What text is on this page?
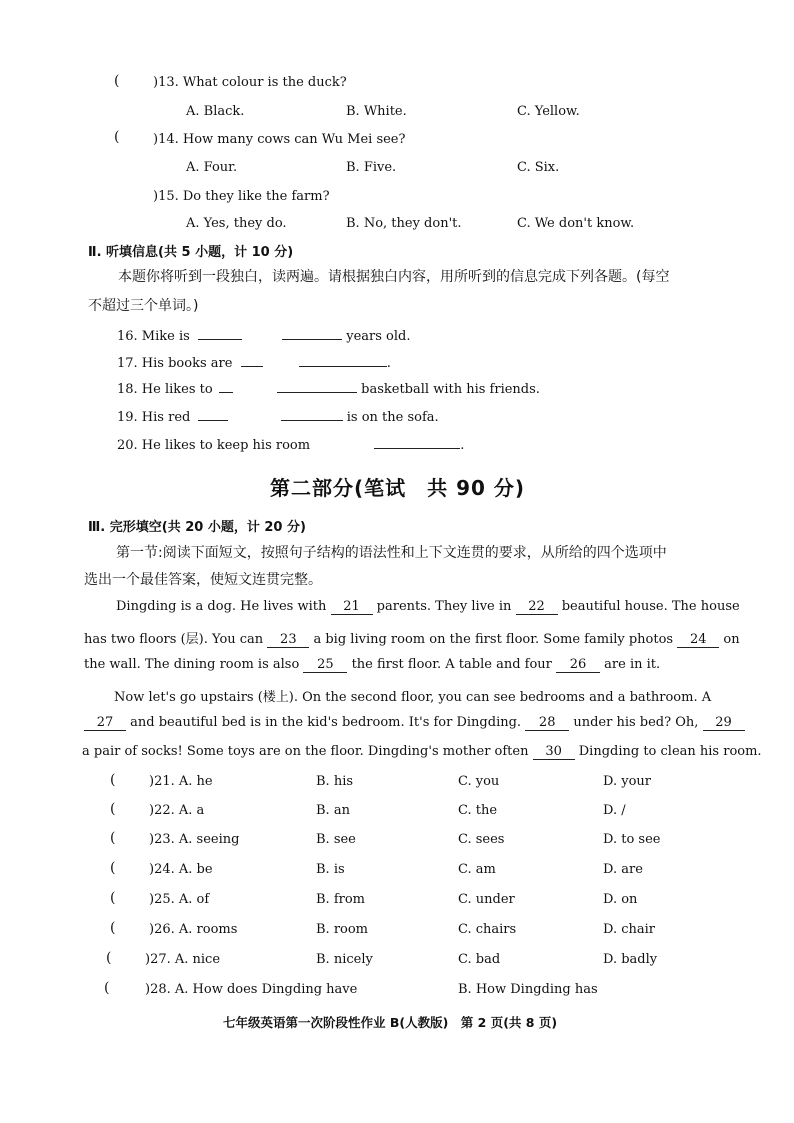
(	)13. What colour is the duck?
A. Black.	B. White.	C. Yellow.
(	)14. How many cows can Wu Mei see?
A. Four.	B. Five.	C. Six.
)15. Do they like the farm?
A. Yes, they do.	B. No, they don't.	C. We don't know.
Ⅱ. 听填信息(共 5 小题，计 10 分)
本题你将听到一段独白，读两遍。请根据独白内容，用所听到的信息完成下列各题。(每空
不超过三个单词。)
16. Mike is	years old.
17. His books are	.
18. He likes to	basketball with his friends.
19. His red	is on the sofa.
20. He likes to keep his room	.
第二部分(笔试　共 90 分)
Ⅲ. 完形填空(共 20 小题，计 20 分)
第一节:阅读下面短文，按照句子结构的语法性和上下文连贯的要求，从所给的四个选项中
选出一个最佳答案，使短文连贯完整。
Dingding is a dog. He lives with 21 parents. They live in 22 beautiful house. The house
has two floors (层). You can 23 a big living room on the first floor. Some family photos 24 on
the wall. The dining room is also 25 the first floor. A table and four 26 are in it.
Now let's go upstairs (楼上). On the second floor, you can see bedrooms and a bathroom. A
27 and beautiful bed is in the kid's bedroom. It's for Dingding. 28 under his bed? Oh, 29
a pair of socks! Some toys are on the floor. Dingding's mother often 30 Dingding to clean his room.
(	)21. A. he	B. his	C. you	D. your
(	)22. A. a	B. an	C. the	D. /
(	)23. A. seeing	B. see	C. sees	D. to see
(	)24. A. be	B. is	C. am	D. are
(	)25. A. of	B. from	C. under	D. on
(	)26. A. rooms	B. room	C. chairs	D. chair
(	)27. A. nice	B. nicely	C. bad	D. badly
(	)28. A. How does Dingding have	B. How Dingding has
七年级英语第一次阶段性作业 B(人教版)　第 2 页(共 8 页)
